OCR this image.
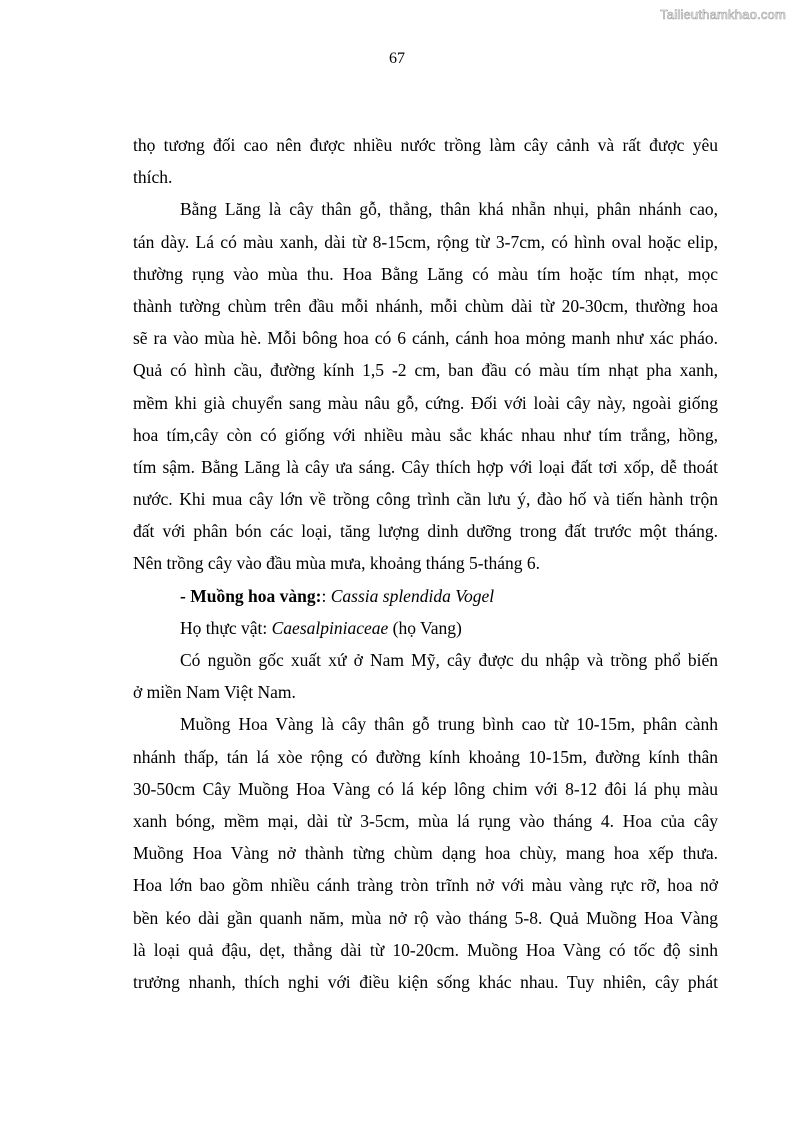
Tailieuthamkhao.com
67
thọ tương đối cao nên được nhiều nước trồng làm cây cảnh và rất được yêu
thích.
Bằng Lăng là cây thân gỗ, thẳng, thân khá nhẵn nhụi, phân nhánh cao,
tán dày. Lá có màu xanh, dài từ 8-15cm, rộng từ 3-7cm, có hình oval hoặc elip,
thường rụng vào mùa thu. Hoa Bằng Lăng có màu tím hoặc tím nhạt, mọc
thành tường chùm trên đầu mỗi nhánh, mỗi chùm dài từ 20-30cm, thường hoa
sẽ ra vào mùa hè. Mỗi bông hoa có 6 cánh, cánh hoa mỏng manh như xác pháo.
Quả có hình cầu, đường kính 1,5 -2 cm, ban đầu có màu tím nhạt pha xanh,
mềm khi già chuyển sang màu nâu gỗ, cứng. Đối với loài cây này, ngoài giống
hoa tím,cây còn có giống với nhiều màu sắc khác nhau như tím trắng, hồng,
tím sậm. Bằng Lăng là cây ưa sáng. Cây thích hợp với loại đất tơi xốp, dễ thoát
nước. Khi mua cây lớn về trồng công trình cần lưu ý, đào hố và tiến hành trộn
đất với phân bón các loại, tăng lượng dinh dưỡng trong đất trước một tháng.
Nên trồng cây vào đầu mùa mưa, khoảng tháng 5-tháng 6.
- Muồng hoa vàng:: Cassia splendida Vogel
Họ thực vật: Caesalpiniaceae (họ Vang)
Có nguồn gốc xuất xứ ở Nam Mỹ, cây được du nhập và trồng phổ biến
ở miền Nam Việt Nam.
Muồng Hoa Vàng là cây thân gỗ trung bình cao từ 10-15m, phân cành
nhánh thấp, tán lá xòe rộng có đường kính khoảng 10-15m, đường kính thân
30-50cm Cây Muồng Hoa Vàng có lá kép lông chim với 8-12 đôi lá phụ màu
xanh bóng, mềm mại, dài từ 3-5cm, mùa lá rụng vào tháng 4. Hoa của cây
Muồng Hoa Vàng nở thành từng chùm dạng hoa chùy, mang hoa xếp thưa.
Hoa lớn bao gồm nhiều cánh tràng tròn trĩnh nở với màu vàng rực rỡ, hoa nở
bền kéo dài gần quanh năm, mùa nở rộ vào tháng 5-8. Quả Muồng Hoa Vàng
là loại quả đậu, dẹt, thẳng dài từ 10-20cm. Muồng Hoa Vàng có tốc độ sinh
trưởng nhanh, thích nghi với điều kiện sống khác nhau. Tuy nhiên, cây phát
